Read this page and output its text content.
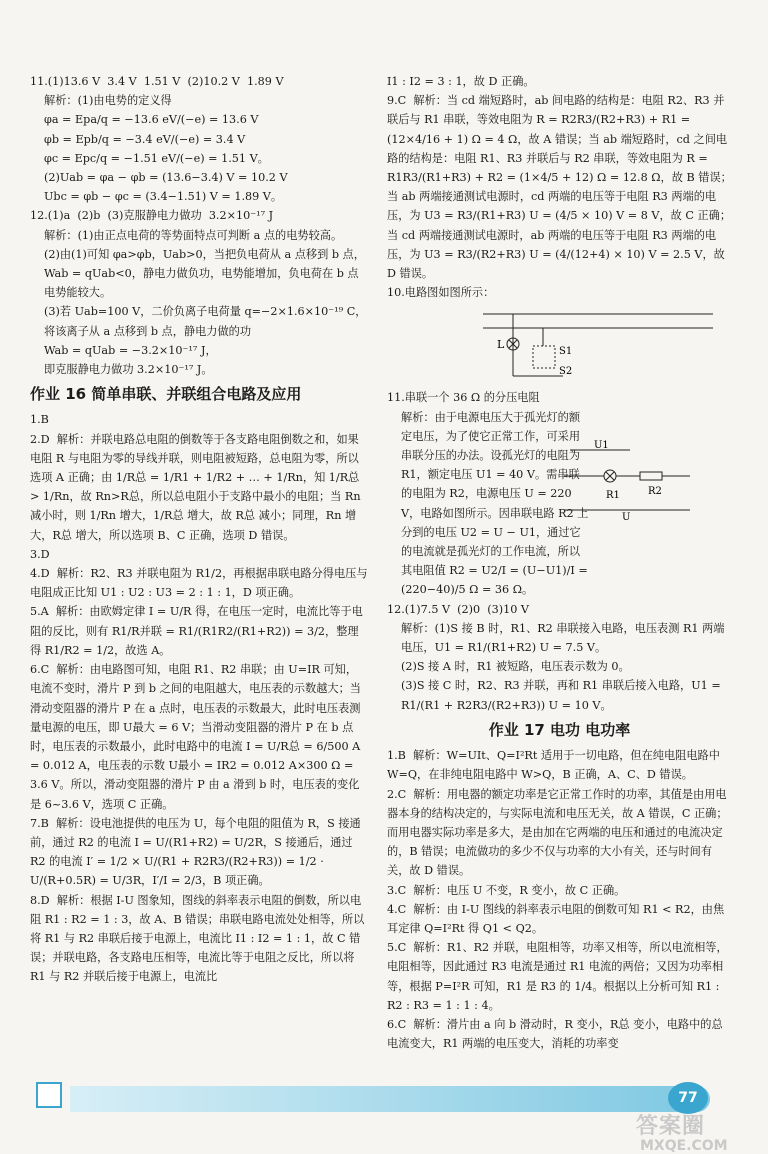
11.(1)13.6 V  3.4 V  1.51 V  (2)10.2 V  1.89 V

解析：(1)由电势的定义得

φa = Epa/q = −13.6 eV/(−e) = 13.6 V

φb = Epb/q = −3.4 eV/(−e) = 3.4 V

φc = Epc/q = −1.51 eV/(−e) = 1.51 V。

(2)Uab = φa − φb = (13.6−3.4) V = 10.2 V

Ubc = φb − φc = (3.4−1.51) V = 1.89 V。

12.(1)a  (2)b  (3)克服静电力做功  3.2×10⁻¹⁷ J

解析：(1)由正点电荷的等势面特点可判断 a 点的电势较高。

(2)由(1)可知 φa>φb，Uab>0，当把负电荷从 a 点移到 b 点，Wab = qUab<0，静电力做负功，电势能增加，负电荷在 b 点电势能较大。

(3)若 Uab=100 V，二价负离子电荷量 q=−2×1.6×10⁻¹⁹ C，将该离子从 a 点移到 b 点，静电力做的功

Wab = qUab = −3.2×10⁻¹⁷ J，

即克服静电力做功 3.2×10⁻¹⁷ J。

作业 16 简单串联、并联组合电路及应用

1.B

2.D  解析：并联电路总电阻的倒数等于各支路电阻倒数之和，如果电阻 R 与电阻为零的导线并联，则电阻被短路，总电阻为零，所以选项 A 正确；由 1/R总 = 1/R1 + 1/R2 + … + 1/Rn，知 1/R总 > 1/Rn，故 Rn>R总，所以总电阻小于支路中最小的电阻；当 Rn 减小时，则 1/Rn 增大，1/R总 增大，故 R总 减小；同理，Rn 增大，R总 增大，所以选项 B、C 正确，选项 D 错误。

3.D

4.D  解析：R2、R3 并联电阻为 R1/2，再根据串联电路分得电压与电阻成正比知 U1 : U2 : U3 = 2 : 1 : 1，D 项正确。

5.A  解析：由欧姆定律 I = U/R 得，在电压一定时，电流比等于电阻的反比，则有 R1/R并联 = R1/(R1R2/(R1+R2)) = 3/2，整理得 R1/R2 = 1/2，故选 A。

6.C  解析：由电路图可知，电阻 R1、R2 串联；由 U=IR 可知，电流不变时，滑片 P 到 b 之间的电阻越大，电压表的示数越大；当滑动变阻器的滑片 P 在 a 点时，电压表的示数最大，此时电压表测量电源的电压，即 U最大 = 6 V；当滑动变阻器的滑片 P 在 b 点时，电压表的示数最小，此时电路中的电流 I = U/R总 = 6/500 A = 0.012 A，电压表的示数 U最小 = IR2 = 0.012 A×300 Ω = 3.6 V。所以，滑动变阻器的滑片 P 由 a 滑到 b 时，电压表的变化是 6~3.6 V，选项 C 正确。

7.B  解析：设电池提供的电压为 U，每个电阻的阻值为 R，S 接通前，通过 R2 的电流 I = U/(R1+R2) = U/2R，S 接通后，通过 R2 的电流 I′ = 1/2 × U/(R1 + R2R3/(R2+R3)) = 1/2 · U/(R+0.5R) = U/3R，I′/I = 2/3，B 项正确。

8.D  解析：根据 I-U 图象知，图线的斜率表示电阻的倒数，所以电阻 R1 : R2 = 1 : 3，故 A、B 错误；串联电路电流处处相等，所以将 R1 与 R2 串联后接于电源上，电流比 I1 : I2 = 1 : 1，故 C 错误；并联电路，各支路电压相等，电流比等于电阻之反比，所以将 R1 与 R2 并联后接于电源上，电流比

I1 : I2 = 3 : 1，故 D 正确。

9.C  解析：当 cd 端短路时，ab 间电路的结构是：电阻 R2、R3 并联后与 R1 串联，等效电阻为 R = R2R3/(R2+R3) + R1 = (12×4/16 + 1) Ω = 4 Ω，故 A 错误；当 ab 端短路时，cd 之间电路的结构是：电阻 R1、R3 并联后与 R2 串联，等效电阻为 R = R1R3/(R1+R3) + R2 = (1×4/5 + 12) Ω = 12.8 Ω，故 B 错误；当 ab 两端接通测试电源时，cd 两端的电压等于电阻 R3 两端的电压，为 U3 = R3/(R1+R3) U = (4/5 × 10) V = 8 V，故 C 正确；当 cd 两端接通测试电源时，ab 两端的电压等于电阻 R3 两端的电压，为 U3 = R3/(R2+R3) U = (4/(12+4) × 10) V = 2.5 V，故 D 错误。

10.电路图如图所示：

L
S1
S2

11.串联一个 36 Ω 的分压电阻

解析：由于电源电压大于孤光灯的额定电压，为了使它正常工作，可采用串联分压的办法。设孤光灯的电阻为 R1，额定电压 U1 = 40 V。需串联的电阻为 R2，电源电压 U = 220 V，电路如图所示。因串联电路 R2 上分到的电压 U2 = U − U1，通过它的电流就是孤光灯的工作电流，所以其电阻值 R2 = U2/I = (U−U1)/I = (220−40)/5 Ω = 36 Ω。

12.(1)7.5 V  (2)0  (3)10 V

解析：(1)S 接 B 时，R1、R2 串联接入电路，电压表测 R1 两端电压，U1 = R1/(R1+R2) U = 7.5 V。

(2)S 接 A 时，R1 被短路，电压表示数为 0。

(3)S 接 C 时，R2、R3 并联，再和 R1 串联后接入电路，U1 = R1/(R1 + R2R3/(R2+R3)) U = 10 V。

作业 17 电功 电功率

1.B  解析：W=UIt、Q=I²Rt 适用于一切电路，但在纯电阻电路中 W=Q，在非纯电阻电路中 W>Q，B 正确，A、C、D 错误。

2.C  解析：用电器的额定功率是它正常工作时的功率，其值是由用电器本身的结构决定的，与实际电流和电压无关，故 A 错误，C 正确；而用电器实际功率是多大，是由加在它两端的电压和通过的电流决定的，B 错误；电流做功的多少不仅与功率的大小有关，还与时间有关，故 D 错误。

3.C  解析：电压 U 不变，R 变小，故 C 正确。

4.C  解析：由 I-U 图线的斜率表示电阻的倒数可知 R1 < R2，由焦耳定律 Q=I²Rt 得 Q1 < Q2。

5.C  解析：R1、R2 并联，电阻相等，功率又相等，所以电流相等，电阻相等，因此通过 R3 电流是通过 R1 电流的两倍；又因为功率相等，根据 P=I²R 可知，R1 是 R3 的 1/4。根据以上分析可知 R1 : R2 : R3 = 1 : 1 : 4。

6.C  解析：滑片由 a 向 b 滑动时，R 变小，R总 变小，电路中的总电流变大，R1 两端的电压变大，消耗的功率变

U1
R1	R2
U
77
答案圈
MXQE.COM
